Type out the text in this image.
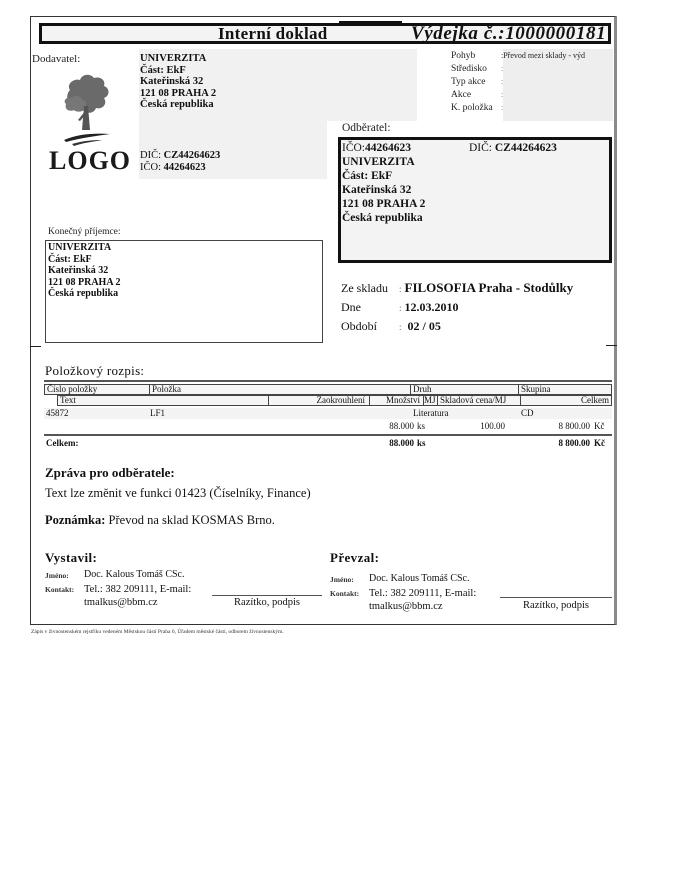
Interní doklad	Výdejka č.:1000000181
Dodavatel:
LOGO
UNIVERZITA
Část: EkF
Kateřinská 32
121 08 PRAHA 2
Česká republika
DIČ: CZ44264623
IČO: 44264623
Pohyb	:Převod mezi sklady - výd
Středisko :
Typ akce :
Akce	:
K. položka :
Odběratel:
IČO:44264623	DIČ: CZ44264623
UNIVERZITA
Část: EkF
Kateřinská 32
121 08 PRAHA 2
Česká republika
Konečný příjemce:
UNIVERZITA
Část: EkF
Kateřinská 32
121 08 PRAHA 2
Česká republika	Ze skladu : FILOSOFIA Praha - Stodůlky
Dne	: 12.03.2010
Období : 02 / 05
Položkový rozpis:
Číslo položky	Položka	Druh	Skupina
Text	Zaokrouhlení Množství MJ Skladová cena/MJ	Celkem
45872	LF1	Literatura	CD
88.000 ks	100.00	8 800.00 Kč
Celkem:	88.000 ks	8 800.00 Kč
Zpráva pro odběratele:
Text lze změnit ve funkci 01423 (Číselníky, Finance)
Poznámka: Převod na sklad KOSMAS Brno.
Vystavil:
Jméno: Doc. Kalous Tomáš CSc.
Kontakt: Tel.: 382 209111, E-mail:
tmalkus@bbm.cz	Razítko, podpis
Převzal:
Jméno: Doc. Kalous Tomáš CSc.
Kontakt: Tel.: 382 209111, E-mail:
tmalkus@bbm.cz	Razítko, podpis
Zápis v živnostenském rejstříku vedeném Městskou částí Praha 6, Úřadem městské části, odborem živnostenským.
